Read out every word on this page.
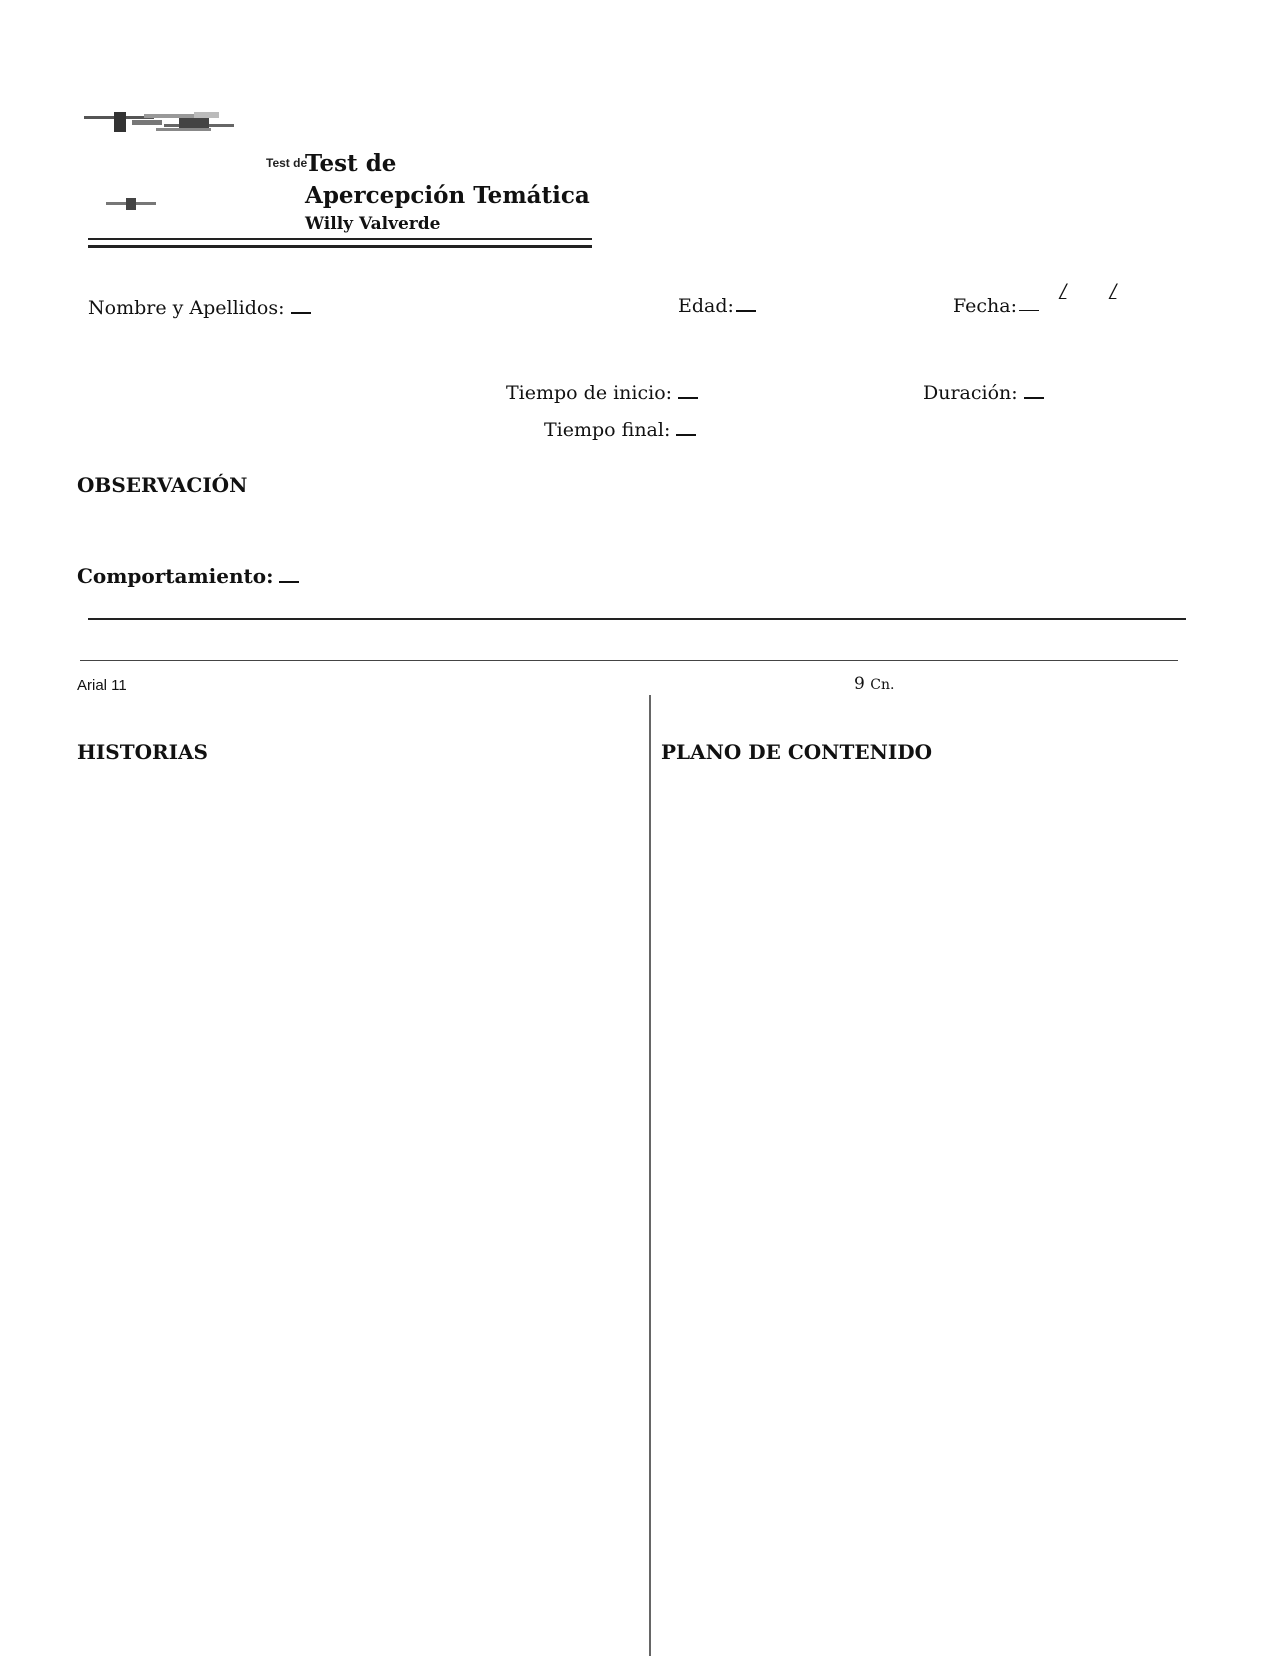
Test de
Test de
Apercepción Temática
Willy Valverde
Nombre y Apellidos:	Edad:	Fecha:
/ /
Tiempo de inicio:	Duración:
Tiempo final:
OBSERVACIÓN
Comportamiento:
Arial 11	9 Cn.
HISTORIAS	PLANO DE CONTENIDO
